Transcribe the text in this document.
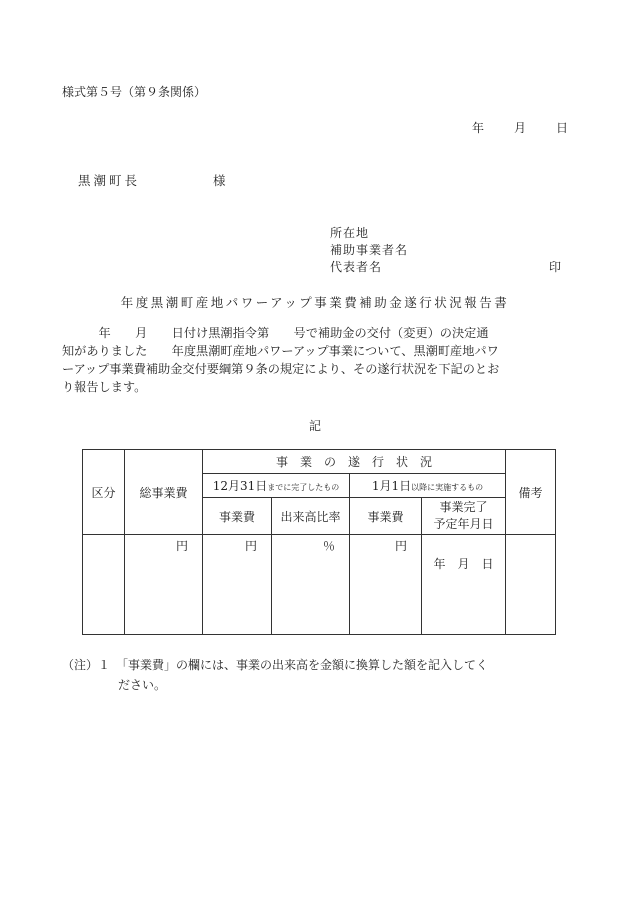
様式第５号（第９条関係）
年	月	日
黒潮町長	様
所在地
補助事業者名
代表者名	印
年度黒潮町産地パワーアップ事業費補助金遂行状況報告書
　　　年　　月　　日付け黒潮指令第　　号で補助金の交付（変更）の決定通
知がありました　　年度黒潮町産地パワーアップ事業について、黒潮町産地パワ
ーアップ事業費補助金交付要綱第９条の規定により、その遂行状況を下記のとお
り報告します。
記
区分	総事業費	事　業　の　遂　行　状　況				備考
		12月31日までに完了したもの		1月1日以降に実施するもの		
		事業費	出来高比率	事業費	事業完了
予定年月日	

	円	円	％	円	年　月　日	
（注）１　「事業費」の欄には、事業の出来高を金額に換算した額を記入してく
ださい。
